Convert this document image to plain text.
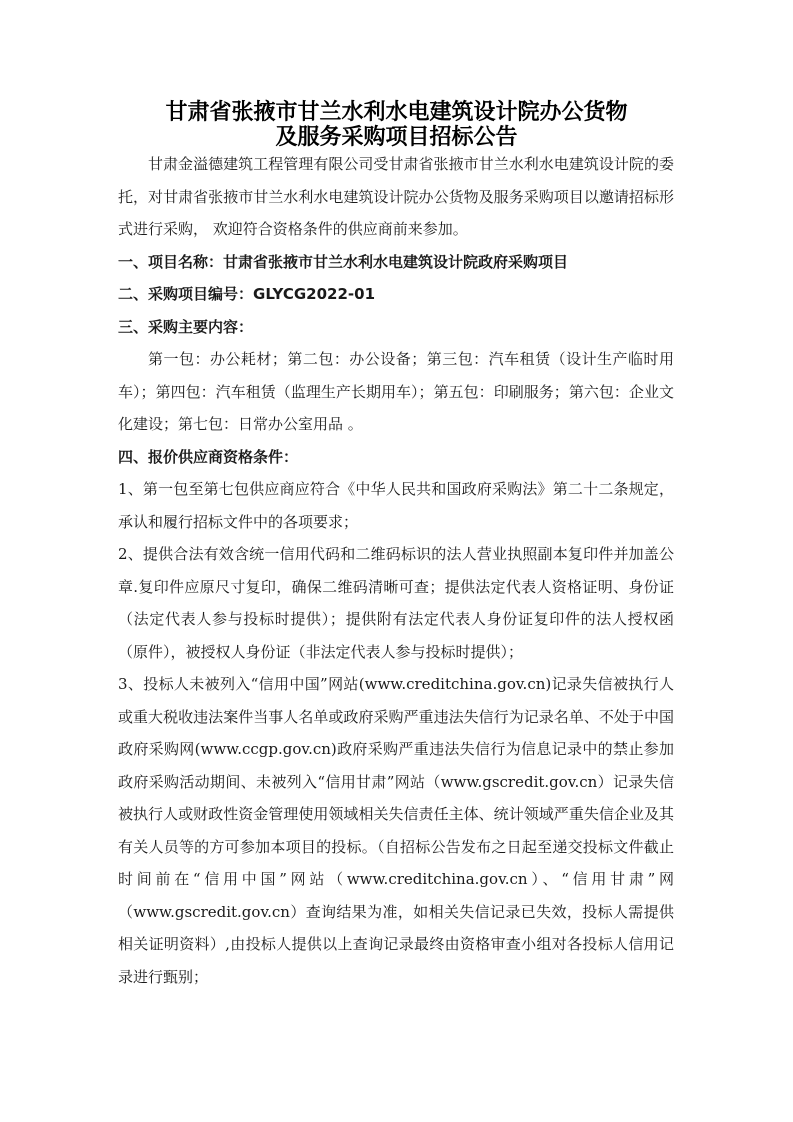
甘肃省张掖市甘兰水利水电建筑设计院办公货物
及服务采购项目招标公告

甘肃金溢德建筑工程管理有限公司受甘肃省张掖市甘兰水利水电建筑设计院的委托，对甘肃省张掖市甘兰水利水电建筑设计院办公货物及服务采购项目以邀请招标形式进行采购， 欢迎符合资格条件的供应商前来参加。

一、项目名称：甘肃省张掖市甘兰水利水电建筑设计院政府采购项目

二、采购项目编号：GLYCG2022-01

三、采购主要内容：

第一包：办公耗材；第二包：办公设备；第三包：汽车租赁（设计生产临时用车）；第四包：汽车租赁（监理生产长期用车）；第五包：印刷服务；第六包：企业文化建设；第七包：日常办公室用品 。

四、报价供应商资格条件：

1、第一包至第七包供应商应符合《中华人民共和国政府采购法》第二十二条规定，承认和履行招标文件中的各项要求；

2、提供合法有效含统一信用代码和二维码标识的法人营业执照副本复印件并加盖公章.复印件应原尺寸复印，确保二维码清晰可查；提供法定代表人资格证明、身份证（法定代表人参与投标时提供）；提供附有法定代表人身份证复印件的法人授权函（原件），被授权人身份证（非法定代表人参与投标时提供）；

3、投标人未被列入“信用中国”网站(www.creditchina.gov.cn)记录失信被执行人或重大税收违法案件当事人名单或政府采购严重违法失信行为记录名单、不处于中国政府采购网(www.ccgp.gov.cn)政府采购严重违法失信行为信息记录中的禁止参加政府采购活动期间、未被列入“信用甘肃”网站（www.gscredit.gov.cn）记录失信被执行人或财政性资金管理使用领域相关失信责任主体、统计领域严重失信企业及其有关人员等的方可参加本项目的投标。（自招标公告发布之日起至递交投标文件截止时间前在“信用中国”网站（www.creditchina.gov.cn）、“信用甘肃”网（www.gscredit.gov.cn）查询结果为准，如相关失信记录已失效，投标人需提供相关证明资料）,由投标人提供以上查询记录最终由资格审查小组对各投标人信用记录进行甄别；
